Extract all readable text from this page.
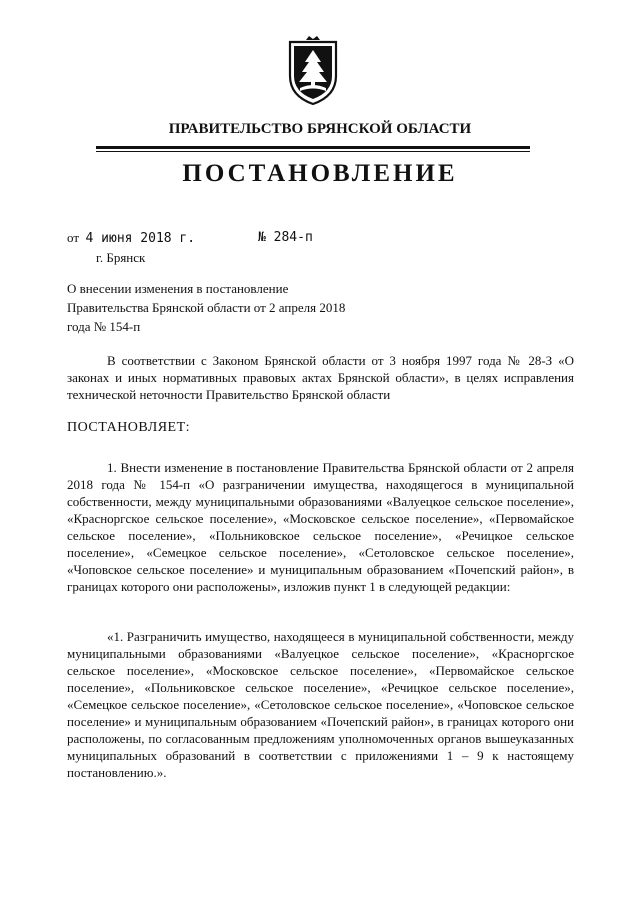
ПРАВИТЕЛЬСТВО БРЯНСКОЙ ОБЛАСТИ
ПОСТАНОВЛЕНИЕ
от 4 июня 2018 г.	№ 284-п
г. Брянск
О внесении изменения в постановление Правительства Брянской области от 2 апреля 2018 года № 154-п
В соответствии с Законом Брянской области от 3 ноября 1997 года № 28-З «О законах и иных нормативных правовых актах Брянской области», в целях исправления технической неточности Правительство Брянской области
ПОСТАНОВЛЯЕТ:
1. Внести изменение в постановление Правительства Брянской области от 2 апреля 2018 года № 154-п «О разграничении имущества, находящегося в муниципальной собственности, между муниципальными образованиями «Валуецкое сельское поселение», «Красноргское сельское поселение», «Московское сельское поселение», «Первомайское сельское поселение», «Польниковское сельское поселение», «Речицкое сельское поселение», «Семецкое сельское поселение», «Сетоловское сельское поселение», «Чоповское сельское поселение» и муниципальным образованием «Почепский район», в границах которого они расположены», изложив пункт 1 в следующей редакции:
«1. Разграничить имущество, находящееся в муниципальной собственности, между муниципальными образованиями «Валуецкое сельское поселение», «Красноргское сельское поселение», «Московское сельское поселение», «Первомайское сельское поселение», «Польниковское сельское поселение», «Речицкое сельское поселение», «Семецкое сельское поселение», «Сетоловское сельское поселение», «Чоповское сельское поселение» и муниципальным образованием «Почепский район», в границах которого они расположены, по согласованным предложениям уполномоченных органов вышеуказанных муниципальных образований в соответствии с приложениями 1 – 9 к настоящему постановлению.».
